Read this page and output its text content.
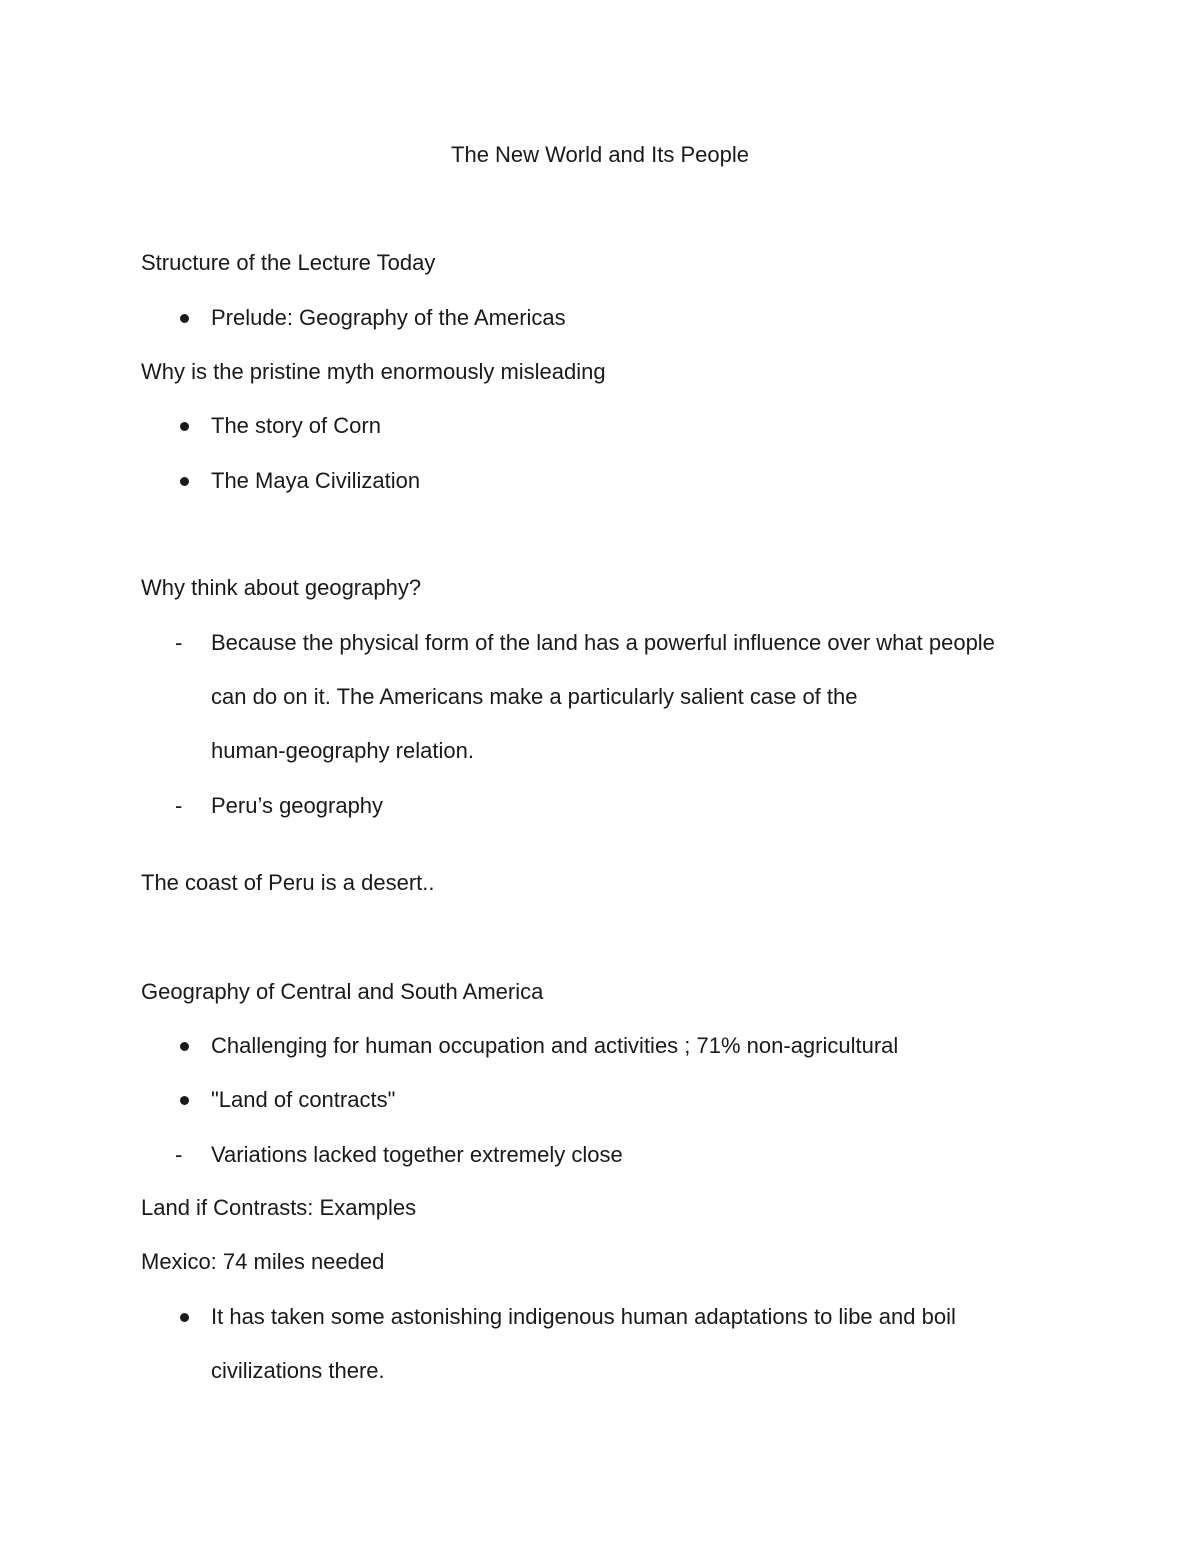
The New World and Its People
Structure of the Lecture Today
Prelude: Geography of the Americas
Why is the pristine myth enormously misleading
The story of Corn
The Maya Civilization
Why think about geography?
- Because the physical form of the land has a powerful influence over what people
can do on it. The Americans make a particularly salient case of the
human-geography relation.
- Peru’s geography
The coast of Peru is a desert..
Geography of Central and South America
Challenging for human occupation and activities ; 71% non-agricultural
"Land of contracts"
- Variations lacked together extremely close
Land if Contrasts: Examples
Mexico: 74 miles needed
It has taken some astonishing indigenous human adaptations to libe and boil
civilizations there.
